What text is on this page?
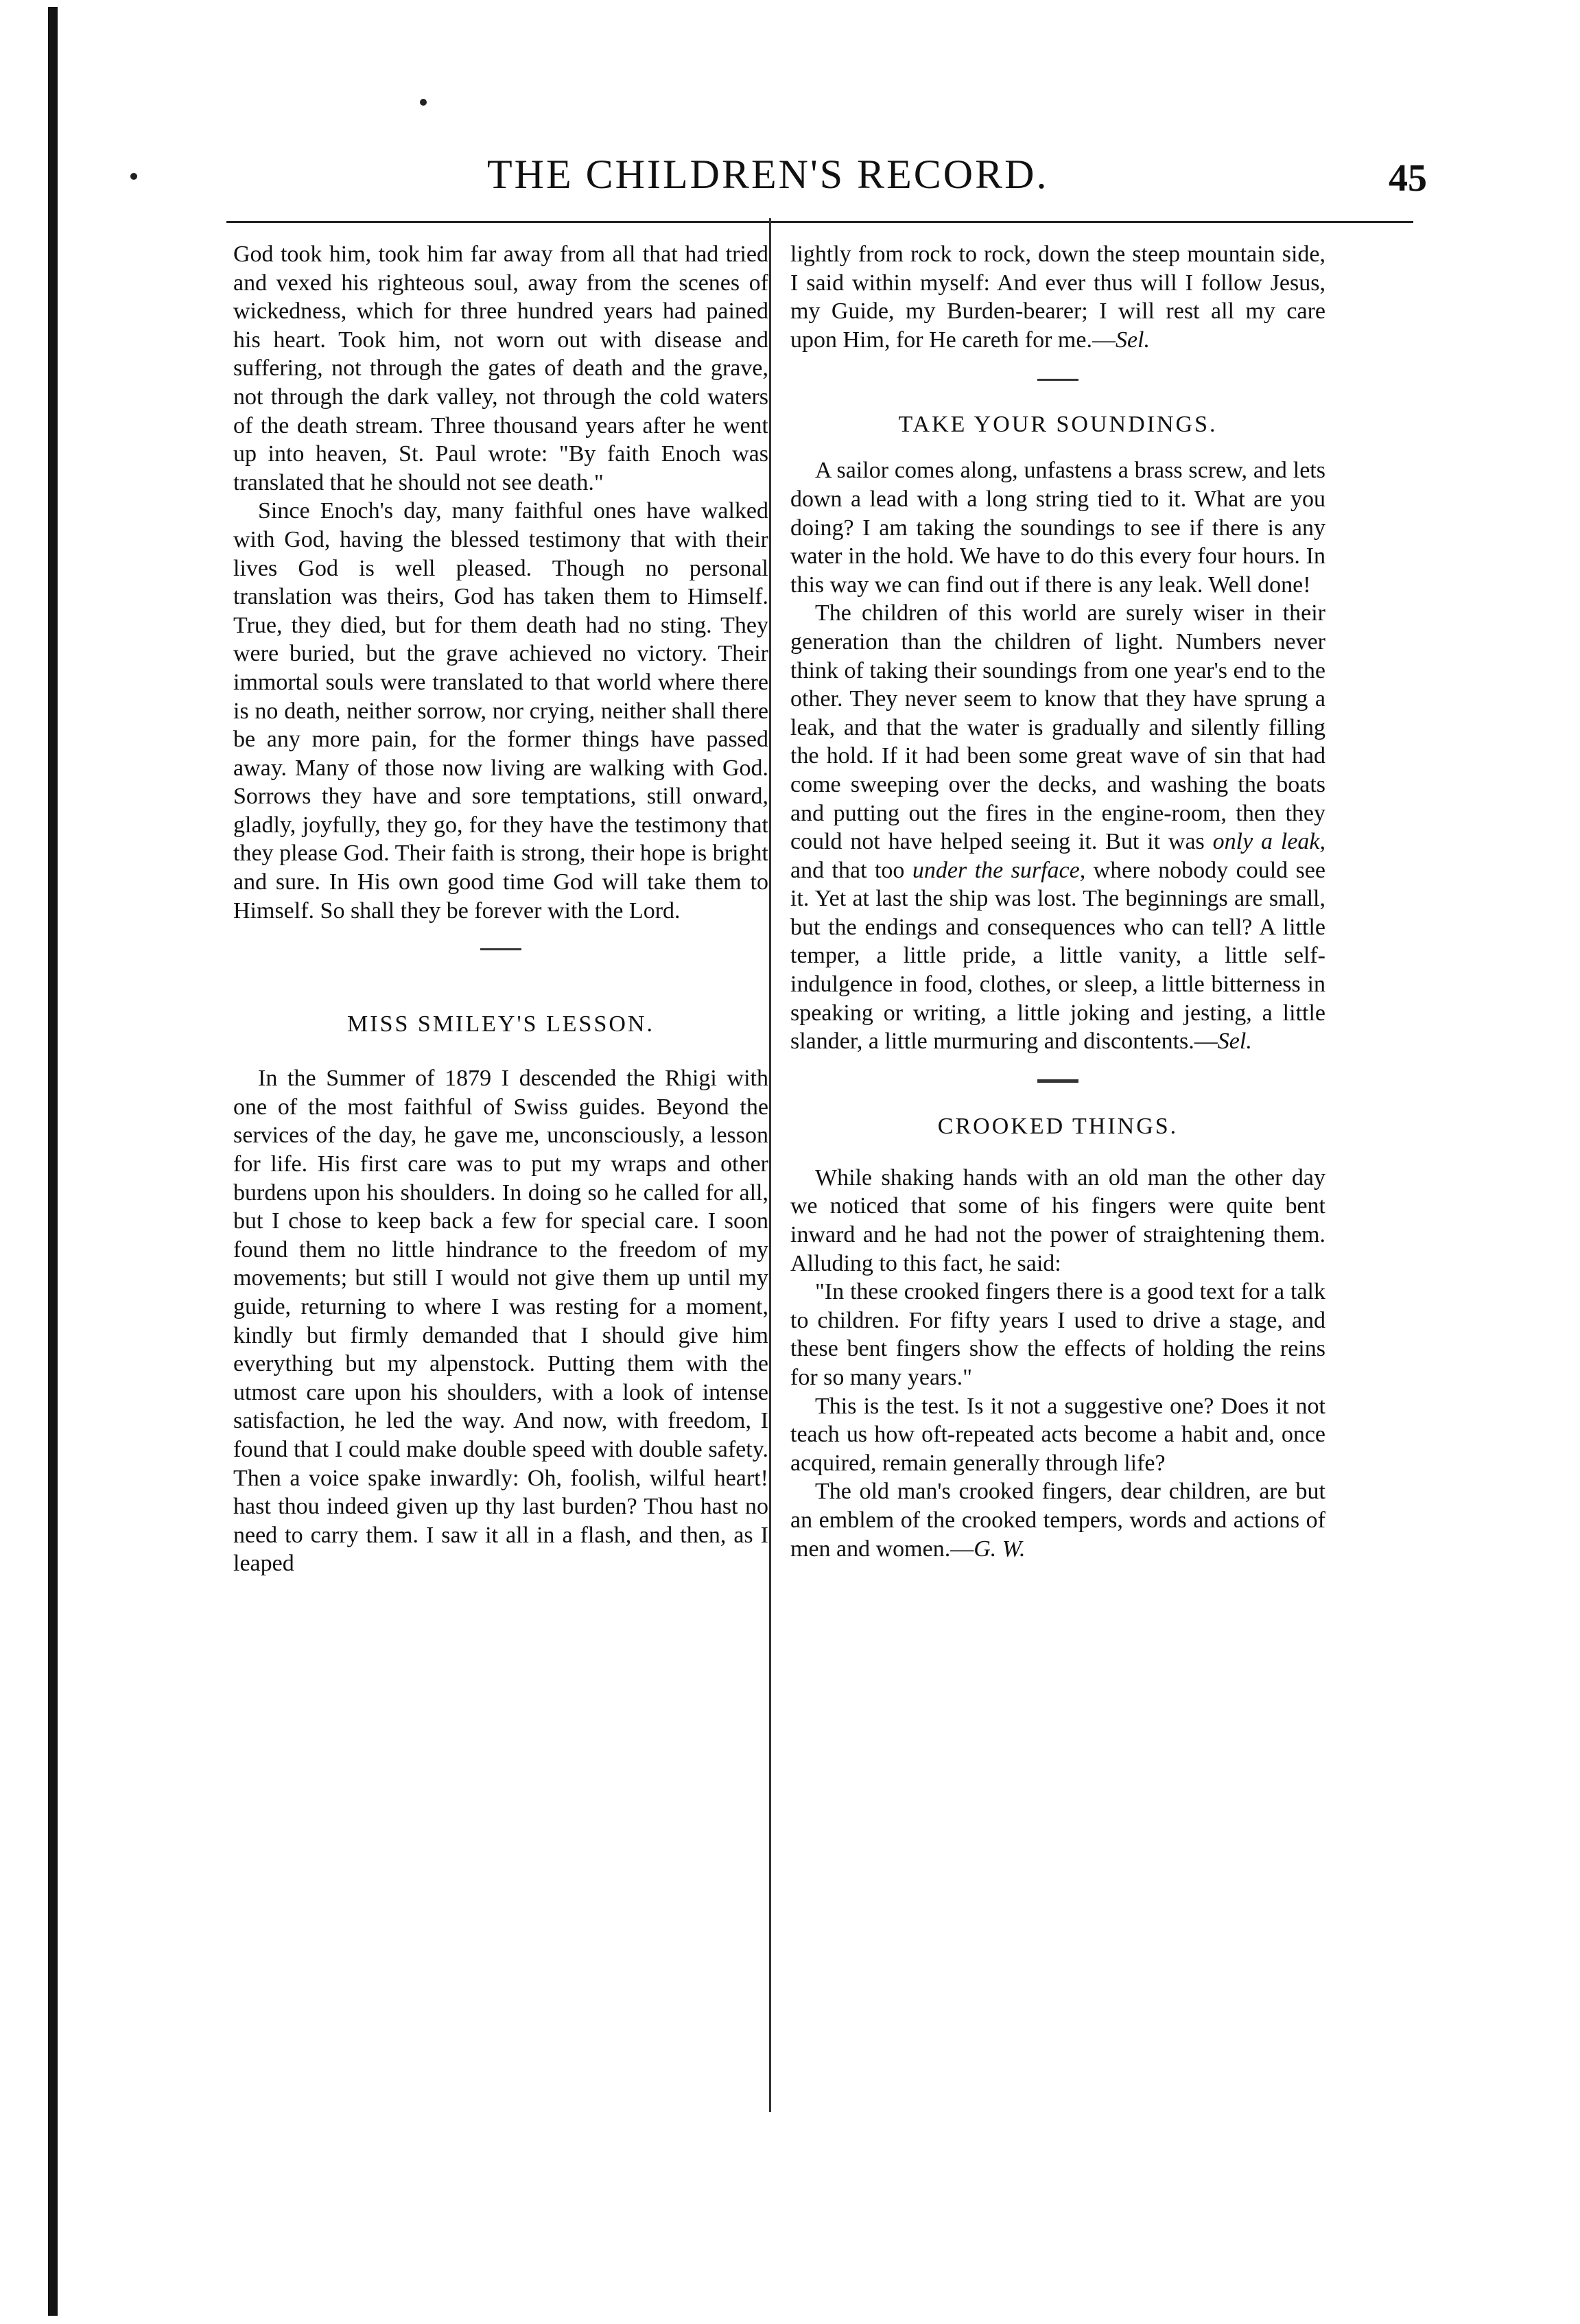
THE CHILDREN'S RECORD.	45

God took him, took him far away from all that had tried and vexed his righteous soul, away from the scenes of wickedness, which for three hundred years had pained his heart. Took him, not worn out with disease and suffering, not through the gates of death and the grave, not through the dark valley, not through the cold waters of the death stream. Three thousand years after he went up into heaven, St. Paul wrote: "By faith Enoch was translated that he should not see death."

Since Enoch's day, many faithful ones have walked with God, having the blessed testimony that with their lives God is well pleased. Though no personal translation was theirs, God has taken them to Himself. True, they died, but for them death had no sting. They were buried, but the grave achieved no victory. Their immortal souls were translated to that world where there is no death, neither sorrow, nor crying, neither shall there be any more pain, for the former things have passed away. Many of those now living are walking with God. Sorrows they have and sore temptations, still onward, gladly, joyfully, they go, for they have the testimony that they please God. Their faith is strong, their hope is bright and sure. In His own good time God will take them to Himself. So shall they be forever with the Lord.

MISS SMILEY'S LESSON.

In the Summer of 1879 I descended the Rhigi with one of the most faithful of Swiss guides. Beyond the services of the day, he gave me, unconsciously, a lesson for life. His first care was to put my wraps and other burdens upon his shoulders. In doing so he called for all, but I chose to keep back a few for special care. I soon found them no little hindrance to the freedom of my movements; but still I would not give them up until my guide, returning to where I was resting for a moment, kindly but firmly demanded that I should give him everything but my alpenstock. Putting them with the utmost care upon his shoulders, with a look of intense satisfaction, he led the way. And now, with freedom, I found that I could make double speed with double safety. Then a voice spake inwardly: Oh, foolish, wilful heart! hast thou indeed given up thy last burden? Thou hast no need to carry them. I saw it all in a flash, and then, as I leaped

lightly from rock to rock, down the steep mountain side, I said within myself: And ever thus will I follow Jesus, my Guide, my Burden-bearer; I will rest all my care upon Him, for He careth for me.—Sel.

TAKE YOUR SOUNDINGS.

A sailor comes along, unfastens a brass screw, and lets down a lead with a long string tied to it. What are you doing? I am taking the soundings to see if there is any water in the hold. We have to do this every four hours. In this way we can find out if there is any leak. Well done!

The children of this world are surely wiser in their generation than the children of light. Numbers never think of taking their soundings from one year's end to the other. They never seem to know that they have sprung a leak, and that the water is gradually and silently filling the hold. If it had been some great wave of sin that had come sweeping over the decks, and washing the boats and putting out the fires in the engine-room, then they could not have helped seeing it. But it was only a leak, and that too under the surface, where nobody could see it. Yet at last the ship was lost. The beginnings are small, but the endings and consequences who can tell? A little temper, a little pride, a little vanity, a little self-indulgence in food, clothes, or sleep, a little bitterness in speaking or writing, a little joking and jesting, a little slander, a little murmuring and discontents.—Sel.

CROOKED THINGS.

While shaking hands with an old man the other day we noticed that some of his fingers were quite bent inward and he had not the power of straightening them. Alluding to this fact, he said:

"In these crooked fingers there is a good text for a talk to children. For fifty years I used to drive a stage, and these bent fingers show the effects of holding the reins for so many years."

This is the test. Is it not a suggestive one? Does it not teach us how oft-repeated acts become a habit and, once acquired, remain generally through life?

The old man's crooked fingers, dear children, are but an emblem of the crooked tempers, words and actions of men and women.—G. W.
